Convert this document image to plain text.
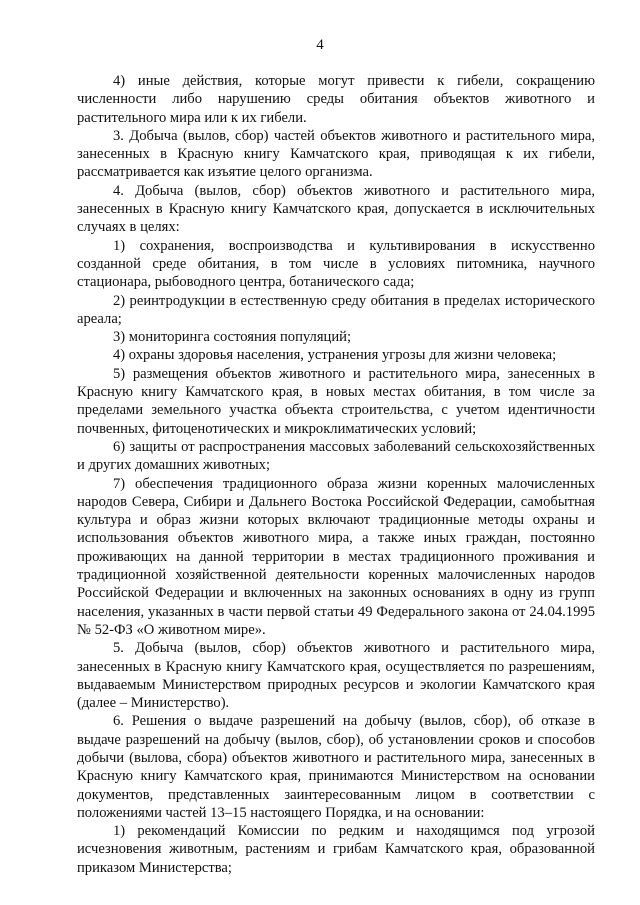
4

4) иные действия, которые могут привести к гибели, сокращению численности либо нарушению среды обитания объектов животного и растительного мира или к их гибели.

3. Добыча (вылов, сбор) частей объектов животного и растительного мира, занесенных в Красную книгу Камчатского края, приводящая к их гибели, рассматривается как изъятие целого организма.

4. Добыча (вылов, сбор) объектов животного и растительного мира, занесенных в Красную книгу Камчатского края, допускается в исключительных случаях в целях:

1) сохранения, воспроизводства и культивирования в искусственно созданной среде обитания, в том числе в условиях питомника, научного стационара, рыбоводного центра, ботанического сада;

2) реинтродукции в естественную среду обитания в пределах исторического ареала;

3) мониторинга состояния популяций;

4) охраны здоровья населения, устранения угрозы для жизни человека;

5) размещения объектов животного и растительного мира, занесенных в Красную книгу Камчатского края, в новых местах обитания, в том числе за пределами земельного участка объекта строительства, с учетом идентичности почвенных, фитоценотических и микроклиматических условий;

6) защиты от распространения массовых заболеваний сельскохозяйственных и других домашних животных;

7) обеспечения традиционного образа жизни коренных малочисленных народов Севера, Сибири и Дальнего Востока Российской Федерации, самобытная культура и образ жизни которых включают традиционные методы охраны и использования объектов животного мира, а также иных граждан, постоянно проживающих на данной территории в местах традиционного проживания и традиционной хозяйственной деятельности коренных малочисленных народов Российской Федерации и включенных на законных основаниях в одну из групп населения, указанных в части первой статьи 49 Федерального закона от 24.04.1995 № 52-ФЗ «О животном мире».

5. Добыча (вылов, сбор) объектов животного и растительного мира, занесенных в Красную книгу Камчатского края, осуществляется по разрешениям, выдаваемым Министерством природных ресурсов и экологии Камчатского края (далее – Министерство).

6. Решения о выдаче разрешений на добычу (вылов, сбор), об отказе в выдаче разрешений на добычу (вылов, сбор), об установлении сроков и способов добычи (вылова, сбора) объектов животного и растительного мира, занесенных в Красную книгу Камчатского края, принимаются Министерством на основании документов, представленных заинтересованным лицом в соответствии с положениями частей 13–15 настоящего Порядка, и на основании:

1) рекомендаций Комиссии по редким и находящимся под угрозой исчезновения животным, растениям и грибам Камчатского края, образованной приказом Министерства;
